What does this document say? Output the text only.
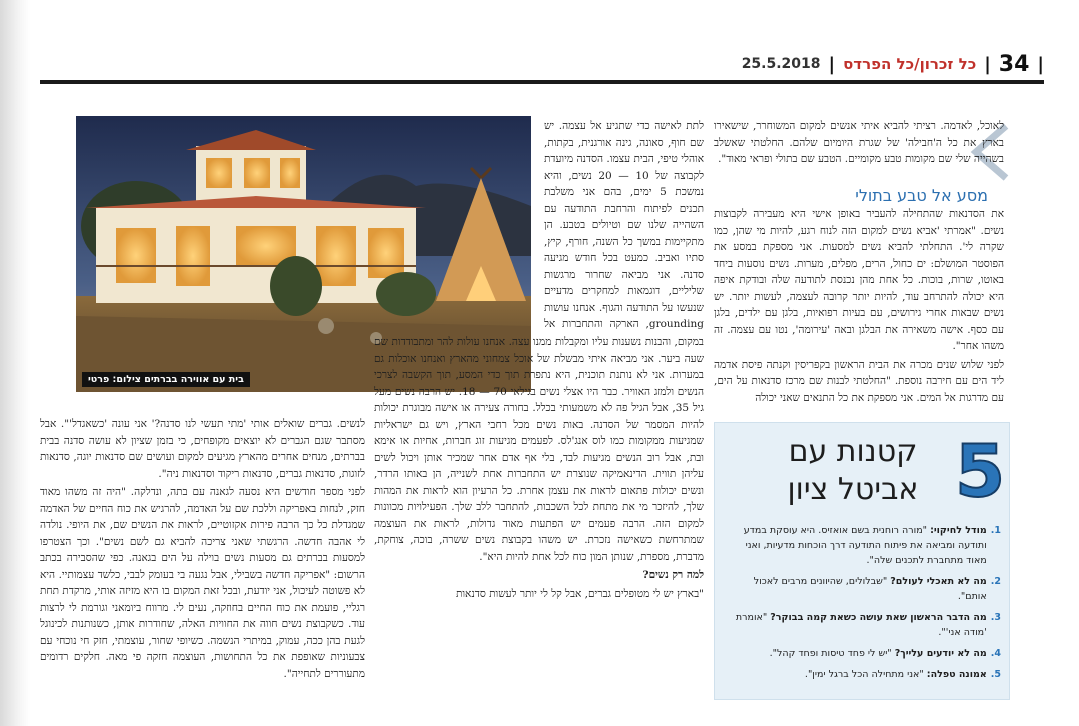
|
34
|
כל זכרון/כל הפרדס
|
25.5.2018

לאוכל, לאדמה. רציתי להביא איתי אנשים למקום המשוחרר, שישאירו בארץ את כל ה'חבילה' של שגרת היומיום שלהם. החלטתי שאשלב בשהייה שלי שם מקומות טבע מקומיים. הטבע שם בתולי ופראי מאוד".

מסע אל טבע בתולי

את הסדנאות שהתחילה להעביר באופן אישי היא מעבירה לקבוצות נשים. "אמרתי 'אביא נשים למקום הזה לנוח רגע, להיות מי שהן, כמו שקרה לי'. התחלתי להביא נשים למסעות. אני מספקת במסע את הפוסטר המושלם: ים כחול, הרים, מפלים, מערות. נשים נוסעות ביחד באוטו, שרות, בוכות. כל אחת מהן נכנסת לתודעה שלה ובודקת איפה היא יכולה להתרחב עוד, להיות יותר קרובה לעצמה, לעשות יותר. יש נשים שבאות אחרי גירושים, עם בעיות רפואיות, בלגן עם ילדים, בלגן עם כסף. אישה משאירה את הבלגן ובאה 'עירומה', נטו עם עצמה. זה משהו אחר".

לפני שלוש שנים מכרה את הבית הראשון בקפריסין וקנתה פיסת אדמה ליד הים עם חירבה נוספת. "החלטתי לבנות שם מרכז סדנאות על הים, עם מדרגות אל המים. אני מספקת את כל התנאים שאני יכולה

לתת לאישה כדי שתגיע אל עצמה. יש שם חוף, סאונה, גינה אורגנית, בקתות, אוהלי טיפי, הבית עצמו. הסדנה מיועדת לקבוצה של 10 — 20 נשים, והיא נמשכת 5 ימים, בהם אני משלבת תכנים לפיתוח והרחבת התודעה עם השהייה שלנו שם וטיולים בטבע. הן מתקיימות במשך כל השנה, חורף, קיץ, סתיו ואביב. כמעט בכל חודש מגיעה סדנה. אני מביאה שחרור מרגשות שליליים, דוגמאות למחקרים מדעיים שנעשו על התודעה והגוף. אנחנו עושות grounding, הארקה והתחברות אל

בית עם אווירה בברתים צילום: פרטי

במקום, והבנות נשענות עליו ומקבלות ממנו עצה. אנחנו עולות להר ומתבודדות שם שעה ביער. אני מביאה איתי מבשלת של אוכל צמחוני מהארץ ואנחנו אוכלות גם במערות. אני לא נותנת תוכנית, היא נתפרת תוך כדי המסע, תוך הקשבה לצרכי הנשים ולמזג האוויר. כבר היו אצלי נשים בגילאי 70 — 18. יש הרבה נשים מעל גיל 35, אבל הגיל פה לא משמעותי בכלל. בחורה צעירה או אישה מבוגרת יכולות להיות המסמר של הסדנה. באות נשים מכל רחבי הארץ, ויש גם ישראליות שמגיעות ממקומות כמו לוס אנג'לס. לפעמים מגיעות זוג חברות, אחיות או אימא ובת, אבל רוב הנשים מגיעות לבד, בלי אף אדם אחר שמכיר אותן ויכול לשים עליהן תווית. הדינאמיקה שנוצרת יש התחברות אחת לשנייה, הן באותו הרדר, ונשים יכולות פתאום לראות את עצמן אחרת. כל הרעיון הוא לראות את המהות שלך, להיזכר מי את מתחת לכל השכבות, להתחבר ללב שלך. הפעילויות מכוונות למקום הזה. הרבה פעמים יש הפתעות מאוד גדולות, לראות את העוצמה שמתרחשת כשאישה נזכרת. יש משהו בקבוצת נשים ששרה, בוכה, צוחקת, מדברת, מספרת, שנותן המון כוח לכל אחת להיות היא".

למה רק נשים?

"בארץ יש לי מטופלים גברים, אבל קל לי יותר לעשות סדנאות

לנשים. גברים שואלים אותי 'מתי תעשי לנו סדנה?' אני עונה 'כשאגדל'". אבל מסתבר שגם הגברים לא יוצאים מקופחים, כי בזמן שציון לא עושה סדנה בבית בברתים, מנחים אחרים מהארץ מגיעים למקום ועושים שם סדנאות יוגה, סדנאות לזוגות, סדנאות גברים, סדנאות ריקוד וסדנאות ניה".

לפני מספר חודשים היא נסעה לגאנה עם בתה, ונדלקה. "היה זה משהו מאוד חזק, לנחות באפריקה וללכת שם על האדמה, להרגיש את כוח החיים של האדמה שמגדלת כל כך הרבה פירות אקזוטיים, לראות את הנשים שם, את היופי. נולדה לי אהבה חדשה. הרגשתי שאני צריכה להביא גם לשם נשים". וכך הצטרפו למסעות בברתים גם מסעות נשים בוילה על הים בגאנה. כפי שהסבירה בכתב הרשום: "אפריקה חדשה בשבילי, אבל נגעה בי בעומק לבבי, כלשד עצמותיי. היא לא פשוטה לעיכול, אני יודעת, ובכל זאת המקום בו היא מזיזה אותי, מרקדת תחת רגליי, פועמת את כוח החיים בחוזקה, נעים לי. מרווח ביומאני וגורמת לי לרצות עוד. כשקבוצת נשים חווה את החוויות האלה, שחודרות אותן, כשנותנות לכינוגל לגעת בהן ככה, עמוק, במיתרי הנשמה. כשיופי שחור, עוצמתי, חזק חי נוכחי עם צבעוניות שאופפת את כל התחושות, העוצמה חזקה פי מאה. חלקים רדומים מתעוררים לתחייה".

5
קטנות עם אביטל ציון
1.
מודל לחיקוי: "מורה רוחנית בשם אואזיס. היא עוסקת במדע ותודעה ומביאה את פיתוח התודעה דרך הוכחות מדעיות, ואני מאוד מתחברת לתכנים שלה".
2.
מה לא תאכלי לעולם? "שבלולים, שהיוונים מרבים לאכול אותם".
3.
מה הדבר הראשון שאת עושה כשאת קמה בבוקר? "אומרת 'מודה אני'".
4.
מה לא יודעים עלייך? "יש לי פחד טיסות ופחד קהל".
5.
אמונה טפלה: "אני מתחילה הכל ברגל ימין".
